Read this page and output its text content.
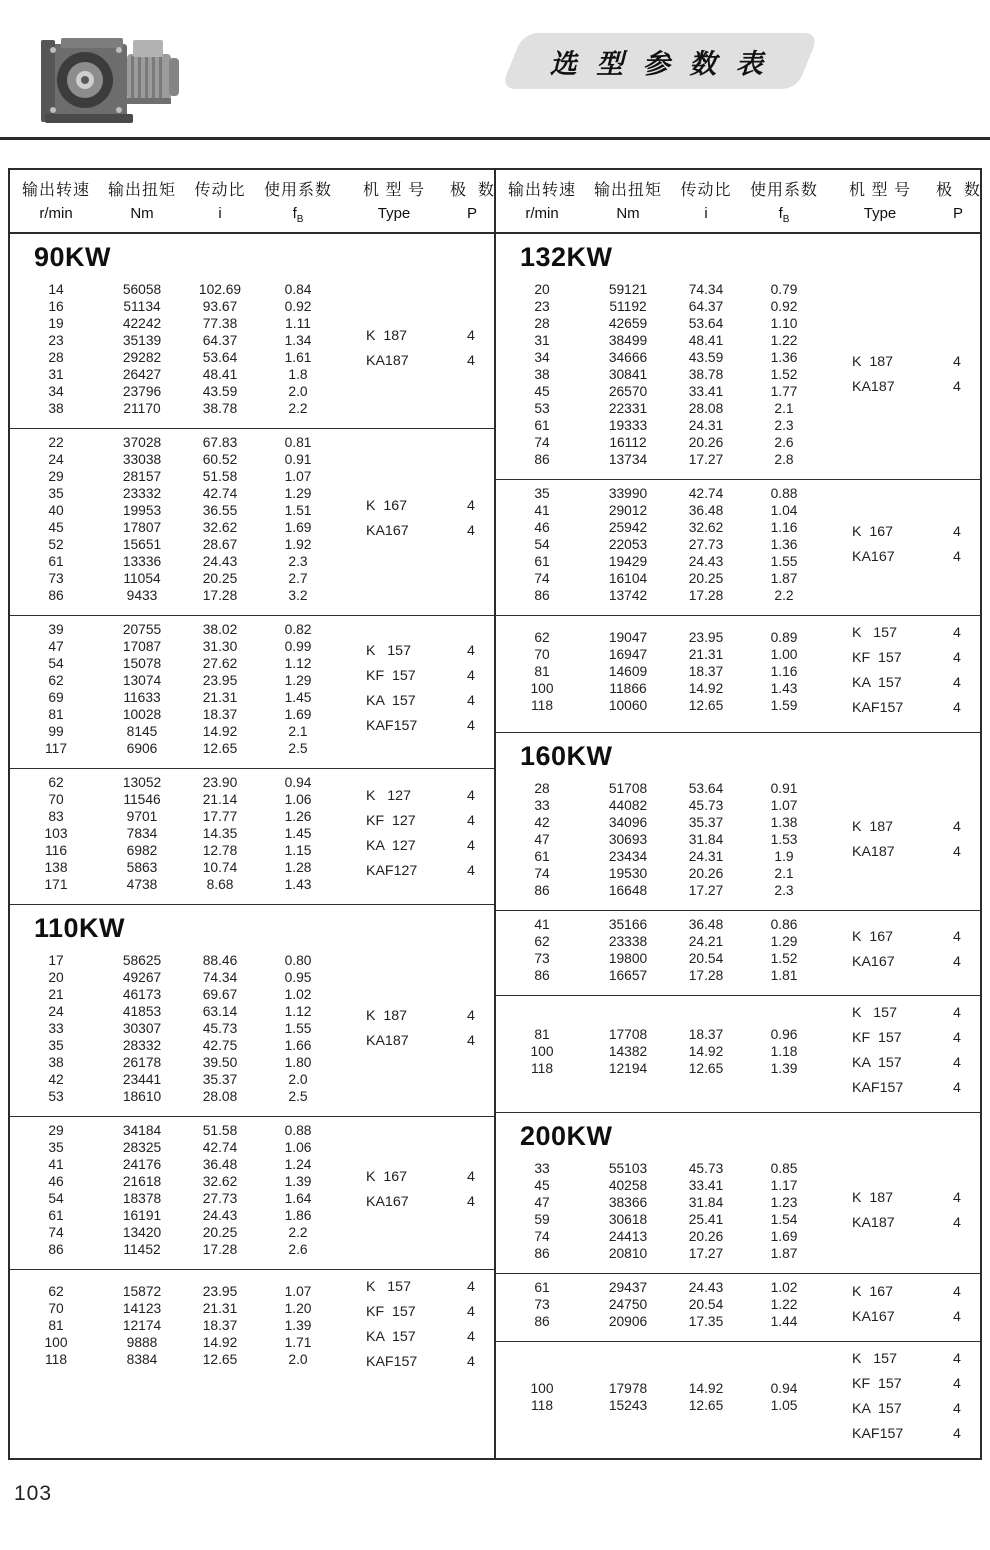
选 型 参 数 表
输出转速
r/min
输出扭矩
Nm
传动比
i
使用系数
$f_B$
机 型 号
Type
极  数
P
90KW
14	56058	102.69	0.84
16	51134	93.67	0.92
19	42242	77.38	1.11
23	35139	64.37	1.34
28	29282	53.64	1.61
31	26427	48.41	1.8
34	23796	43.59	2.0
38	21170	38.78	2.2
K  187	4
KA187	4
22	37028	67.83	0.81
24	33038	60.52	0.91
29	28157	51.58	1.07
35	23332	42.74	1.29
40	19953	36.55	1.51
45	17807	32.62	1.69
52	15651	28.67	1.92
61	13336	24.43	2.3
73	11054	20.25	2.7
86	9433	17.28	3.2
K  167	4
KA167	4
39	20755	38.02	0.82
47	17087	31.30	0.99
54	15078	27.62	1.12
62	13074	23.95	1.29
69	11633	21.31	1.45
81	10028	18.37	1.69
99	8145	14.92	2.1
117	6906	12.65	2.5
K   157	4
KF  157	4
KA  157	4
KAF157	4
62	13052	23.90	0.94
70	11546	21.14	1.06
83	9701	17.77	1.26
103	7834	14.35	1.45
116	6982	12.78	1.15
138	5863	10.74	1.28
171	4738	8.68	1.43
K   127	4
KF  127	4
KA  127	4
KAF127	4
110KW
17	58625	88.46	0.80
20	49267	74.34	0.95
21	46173	69.67	1.02
24	41853	63.14	1.12
33	30307	45.73	1.55
35	28332	42.75	1.66
38	26178	39.50	1.80
42	23441	35.37	2.0
53	18610	28.08	2.5
K  187	4
KA187	4
29	34184	51.58	0.88
35	28325	42.74	1.06
41	24176	36.48	1.24
46	21618	32.62	1.39
54	18378	27.73	1.64
61	16191	24.43	1.86
74	13420	20.25	2.2
86	11452	17.28	2.6
K  167	4
KA167	4
62	15872	23.95	1.07
70	14123	21.31	1.20
81	12174	18.37	1.39
100	9888	14.92	1.71
118	8384	12.65	2.0
K   157	4
KF  157	4
KA  157	4
KAF157	4
输出转速
r/min
输出扭矩
Nm
传动比
i
使用系数
$f_B$
机 型 号
Type
极  数
P
132KW
20	59121	74.34	0.79
23	51192	64.37	0.92
28	42659	53.64	1.10
31	38499	48.41	1.22
34	34666	43.59	1.36
38	30841	38.78	1.52
45	26570	33.41	1.77
53	22331	28.08	2.1
61	19333	24.31	2.3
74	16112	20.26	2.6
86	13734	17.27	2.8
K  187	4
KA187	4
35	33990	42.74	0.88
41	29012	36.48	1.04
46	25942	32.62	1.16
54	22053	27.73	1.36
61	19429	24.43	1.55
74	16104	20.25	1.87
86	13742	17.28	2.2
K  167	4
KA167	4
62	19047	23.95	0.89
70	16947	21.31	1.00
81	14609	18.37	1.16
100	11866	14.92	1.43
118	10060	12.65	1.59
K   157	4
KF  157	4
KA  157	4
KAF157	4
160KW
28	51708	53.64	0.91
33	44082	45.73	1.07
42	34096	35.37	1.38
47	30693	31.84	1.53
61	23434	24.31	1.9
74	19530	20.26	2.1
86	16648	17.27	2.3
K  187	4
KA187	4
41	35166	36.48	0.86
62	23338	24.21	1.29
73	19800	20.54	1.52
86	16657	17.28	1.81
K  167	4
KA167	4
81	17708	18.37	0.96
100	14382	14.92	1.18
118	12194	12.65	1.39
K   157	4
KF  157	4
KA  157	4
KAF157	4
200KW
33	55103	45.73	0.85
45	40258	33.41	1.17
47	38366	31.84	1.23
59	30618	25.41	1.54
74	24413	20.26	1.69
86	20810	17.27	1.87
K  187	4
KA187	4
61	29437	24.43	1.02
73	24750	20.54	1.22
86	20906	17.35	1.44
K  167	4
KA167	4
100	17978	14.92	0.94
118	15243	12.65	1.05
K   157	4
KF  157	4
KA  157	4
KAF157	4
103
